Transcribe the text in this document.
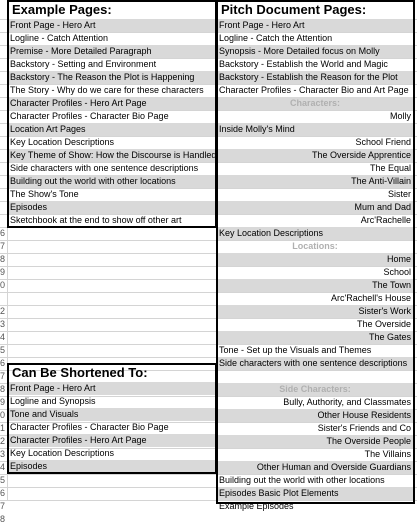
6
7
8
9
0
2
3
4
5
6
7
8
9
0
1
2
3
4
5
6
7
8
Example Pages:
Front Page - Hero Art
Logline - Catch Attention
Premise - More Detailed Paragraph
Backstory - Setting and Environment
Backstory - The Reason the Plot is Happening
The Story - Why do we care for these characters
Character Profiles - Hero Art Page
Character Profiles - Character Bio Page
Location Art Pages
Key Location Descriptions
Key Theme of Show: How the Discourse is Handled
Side characters with one sentence descriptions
Building out the world with other locations
The Show's Tone
Episodes
Sketchbook at the end to show off other art
Pitch Document Pages:
Front Page - Hero Art
Logline - Catch the Attention
Synopsis - More Detailed focus on Molly
Backstory - Establish the World and Magic
Backstory - Establish the Reason for the Plot
Character Profiles - Character Bio and Art Page
Characters:
Molly
Inside Molly's Mind
School Friend
The Overside Apprentice
The Equal
The Anti-Villain
Sister
Mum and Dad
Arc'Rachelle
Key Location Descriptions
Locations:
Home
School
The Town
Arc'Rachell's House
Sister's Work
The Overside
The Gates
Tone - Set up the Visuals and Themes
Side characters with one sentence descriptions
Side Characters:
Bully, Authority, and Classmates
Other House Residents
Sister's Friends and Co
The Overside People
The Villains
Other Human and Overside Guardians
Building out the world with other locations
Episodes Basic Plot Elements
Example Episodes
Can Be Shortened To:
Front Page - Hero Art
Logline and Synopsis
Tone and Visuals
Character Profiles - Character Bio Page
Character Profiles - Hero Art Page
Key Location Descriptions
Episodes
